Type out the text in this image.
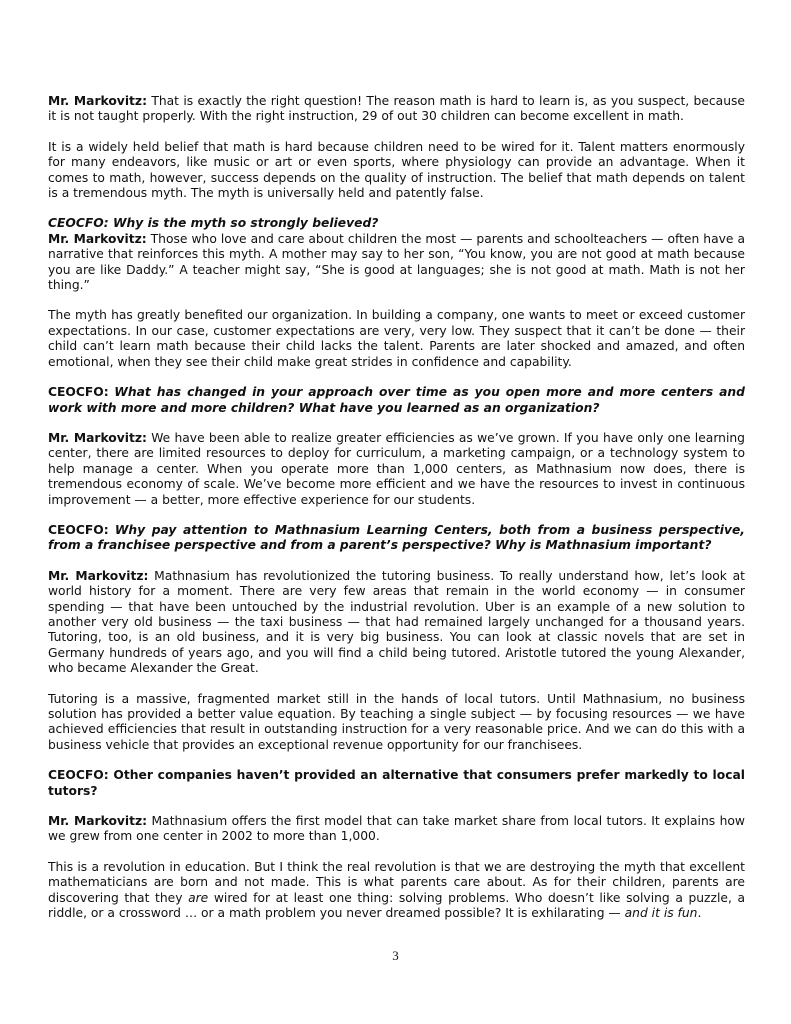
Mr. Markovitz: That is exactly the right question! The reason math is hard to learn is, as you suspect, because it is not taught properly. With the right instruction, 29 of out 30 children can become excellent in math.

It is a widely held belief that math is hard because children need to be wired for it. Talent matters enormously for many endeavors, like music or art or even sports, where physiology can provide an advantage. When it comes to math, however, success depends on the quality of instruction. The belief that math depends on talent is a tremendous myth. The myth is universally held and patently false.

CEOCFO: Why is the myth so strongly believed?

Mr. Markovitz: Those who love and care about children the most — parents and schoolteachers — often have a narrative that reinforces this myth. A mother may say to her son, “You know, you are not good at math because you are like Daddy.” A teacher might say, “She is good at languages; she is not good at math. Math is not her thing.”

The myth has greatly benefited our organization. In building a company, one wants to meet or exceed customer expectations. In our case, customer expectations are very, very low. They suspect that it can’t be done — their child can’t learn math because their child lacks the talent. Parents are later shocked and amazed, and often emotional, when they see their child make great strides in confidence and capability.

CEOCFO: What has changed in your approach over time as you open more and more centers and work with more and more children? What have you learned as an organization?

Mr. Markovitz: We have been able to realize greater efficiencies as we’ve grown. If you have only one learning center, there are limited resources to deploy for curriculum, a marketing campaign, or a technology system to help manage a center. When you operate more than 1,000 centers, as Mathnasium now does, there is tremendous economy of scale. We’ve become more efficient and we have the resources to invest in continuous improvement — a better, more effective experience for our students.

CEOCFO: Why pay attention to Mathnasium Learning Centers, both from a business perspective, from a franchisee perspective and from a parent’s perspective? Why is Mathnasium important?

Mr. Markovitz: Mathnasium has revolutionized the tutoring business. To really understand how, let’s look at world history for a moment. There are very few areas that remain in the world economy — in consumer spending — that have been untouched by the industrial revolution. Uber is an example of a new solution to another very old business — the taxi business — that had remained largely unchanged for a thousand years. Tutoring, too, is an old business, and it is very big business. You can look at classic novels that are set in Germany hundreds of years ago, and you will find a child being tutored. Aristotle tutored the young Alexander, who became Alexander the Great.

Tutoring is a massive, fragmented market still in the hands of local tutors. Until Mathnasium, no business solution has provided a better value equation. By teaching a single subject — by focusing resources — we have achieved efficiencies that result in outstanding instruction for a very reasonable price. And we can do this with a business vehicle that provides an exceptional revenue opportunity for our franchisees.

CEOCFO: Other companies haven’t provided an alternative that consumers prefer markedly to local tutors?

Mr. Markovitz: Mathnasium offers the first model that can take market share from local tutors. It explains how we grew from one center in 2002 to more than 1,000.

This is a revolution in education. But I think the real revolution is that we are destroying the myth that excellent mathematicians are born and not made. This is what parents care about. As for their children, parents are discovering that they are wired for at least one thing: solving problems. Who doesn’t like solving a puzzle, a riddle, or a crossword … or a math problem you never dreamed possible? It is exhilarating — and it is fun.

3
